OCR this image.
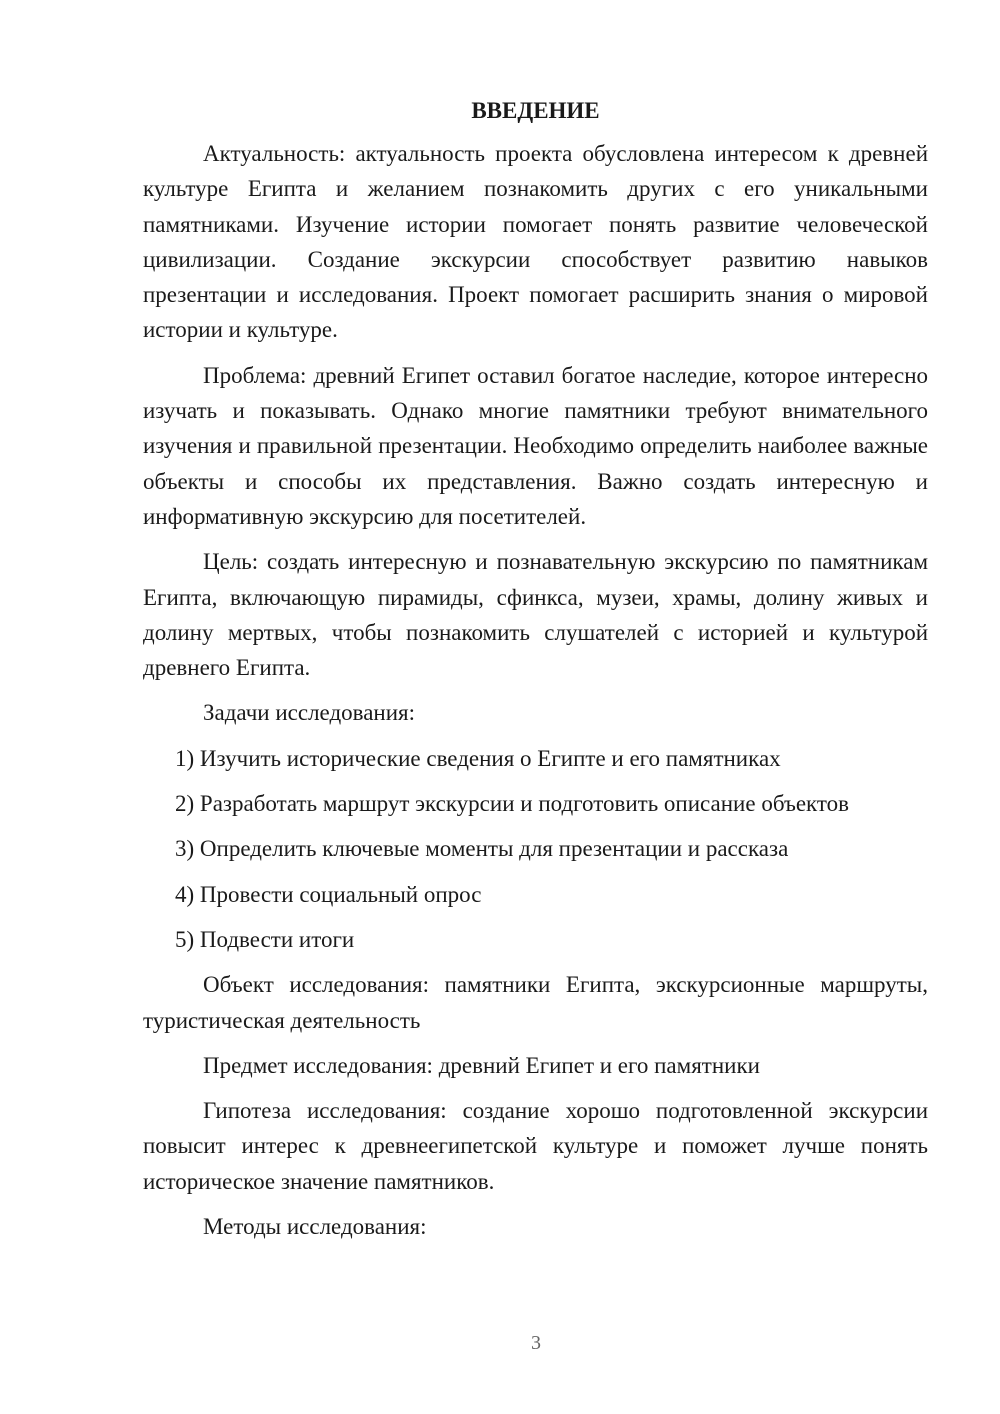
ВВЕДЕНИЕ

Актуальность: актуальность проекта обусловлена интересом к древней культуре Египта и желанием познакомить других с его уникальными памятниками. Изучение истории помогает понять развитие человеческой цивилизации. Создание экскурсии способствует развитию навыков презентации и исследования. Проект помогает расширить знания о мировой истории и культуре.

Проблема: древний Египет оставил богатое наследие, которое интересно изучать и показывать. Однако многие памятники требуют внимательного изучения и правильной презентации. Необходимо определить наиболее важные объекты и способы их представления. Важно создать интересную и информативную экскурсию для посетителей.

Цель: создать интересную и познавательную экскурсию по памятникам Египта, включающую пирамиды, сфинкса, музеи, храмы, долину живых и долину мертвых, чтобы познакомить слушателей с историей и культурой древнего Египта.

Задачи исследования:

1) Изучить исторические сведения о Египте и его памятниках
2) Разработать маршрут экскурсии и подготовить описание объектов
3) Определить ключевые моменты для презентации и рассказа
4) Провести социальный опрос
5) Подвести итоги

Объект исследования: памятники Египта, экскурсионные маршруты, туристическая деятельность

Предмет исследования: древний Египет и его памятники

Гипотеза исследования: создание хорошо подготовленной экскурсии повысит интерес к древнеегипетской культуре и поможет лучше понять историческое значение памятников.

Методы исследования:

3
